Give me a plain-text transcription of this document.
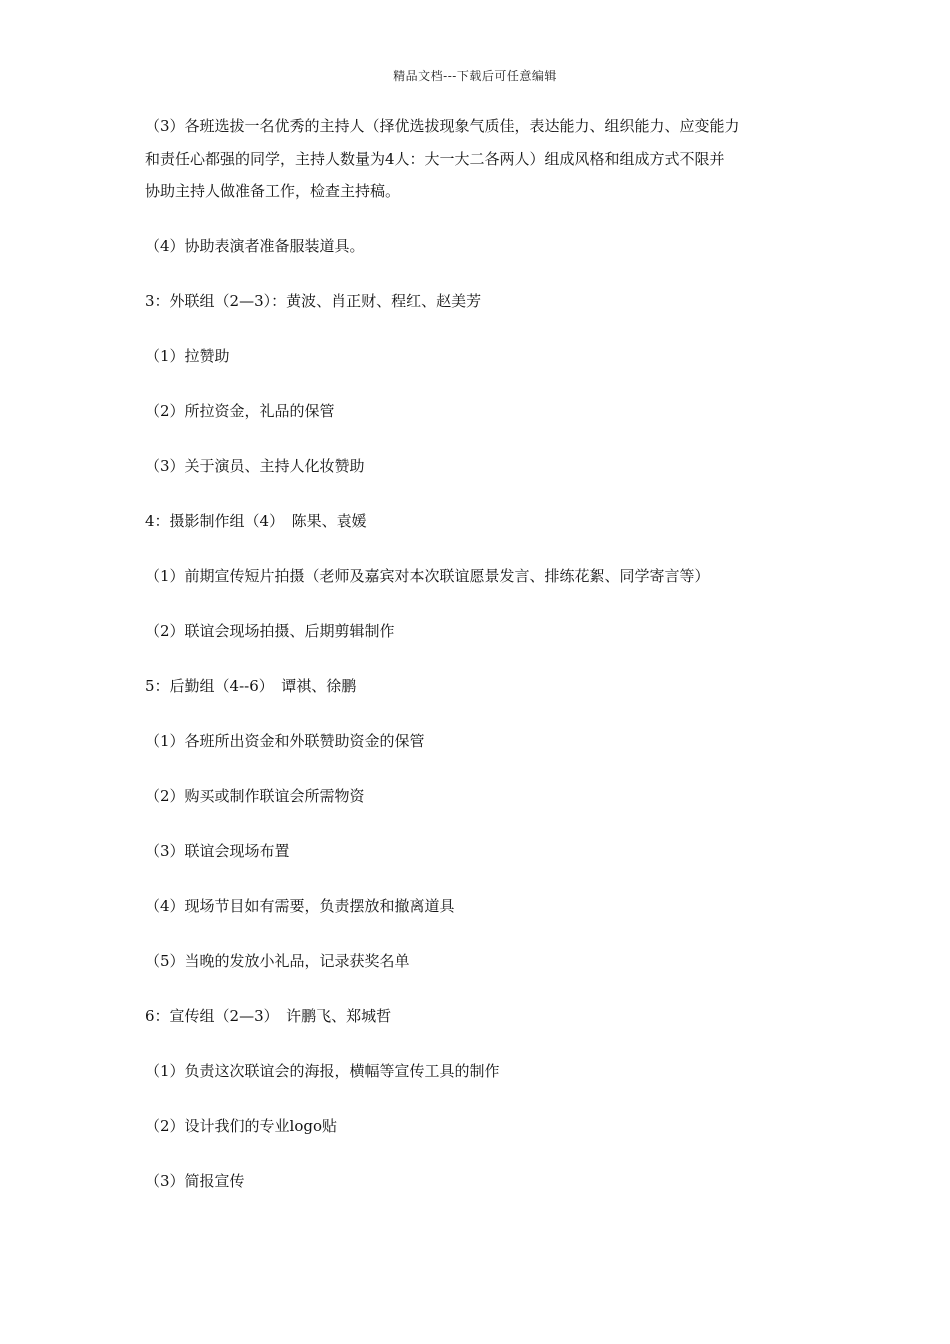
精品文档---下载后可任意编辑
（3）各班选拔一名优秀的主持人（择优选拔现象气质佳，表达能力、组织能力、应变能力
和责任心都强的同学，主持人数量为4人：大一大二各两人）组成风格和组成方式不限并
协助主持人做准备工作，检查主持稿。
（4）协助表演者准备服装道具。
3：外联组（2—3）：黄波、肖正财、程红、赵美芳
（1）拉赞助
（2）所拉资金，礼品的保管
（3）关于演员、主持人化妆赞助
4：摄影制作组（4）　陈果、袁媛
（1）前期宣传短片拍摄（老师及嘉宾对本次联谊愿景发言、排练花絮、同学寄言等）
（2）联谊会现场拍摄、后期剪辑制作
5：后勤组（4--6）　谭祺、徐鹏
（1）各班所出资金和外联赞助资金的保管
（2）购买或制作联谊会所需物资
（3）联谊会现场布置
（4）现场节目如有需要，负责摆放和撤离道具
（5）当晚的发放小礼品，记录获奖名单
6：宣传组（2—3）　许鹏飞、郑城哲
（1）负责这次联谊会的海报，横幅等宣传工具的制作
（2）设计我们的专业logo贴
（3）简报宣传
